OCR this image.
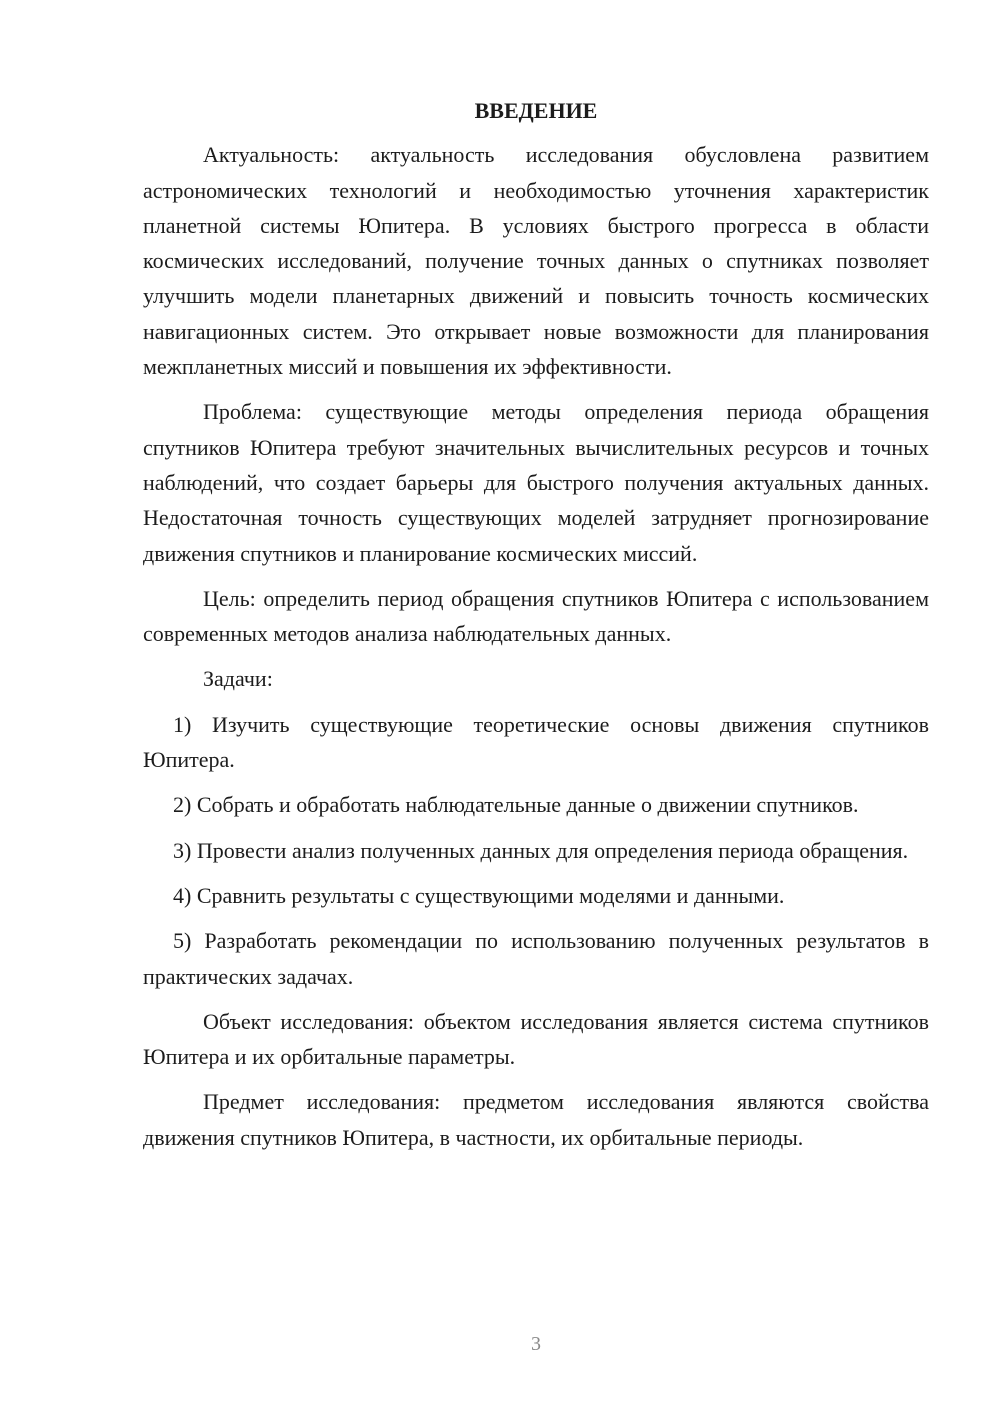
ВВЕДЕНИЕ

Актуальность: актуальность исследования обусловлена развитием астрономических технологий и необходимостью уточнения характеристик планетной системы Юпитера. В условиях быстрого прогресса в области космических исследований, получение точных данных о спутниках позволяет улучшить модели планетарных движений и повысить точность космических навигационных систем. Это открывает новые возможности для планирования межпланетных миссий и повышения их эффективности.

Проблема: существующие методы определения периода обращения спутников Юпитера требуют значительных вычислительных ресурсов и точных наблюдений, что создает барьеры для быстрого получения актуальных данных. Недостаточная точность существующих моделей затрудняет прогнозирование движения спутников и планирование космических миссий.

Цель: определить период обращения спутников Юпитера с использованием современных методов анализа наблюдательных данных.

Задачи:

1) Изучить существующие теоретические основы движения спутников Юпитера.

2) Собрать и обработать наблюдательные данные о движении спутников.

3) Провести анализ полученных данных для определения периода обращения.

4) Сравнить результаты с существующими моделями и данными.

5) Разработать рекомендации по использованию полученных результатов в практических задачах.

Объект исследования: объектом исследования является система спутников Юпитера и их орбитальные параметры.

Предмет исследования: предметом исследования являются свойства движения спутников Юпитера, в частности, их орбитальные периоды.

3
